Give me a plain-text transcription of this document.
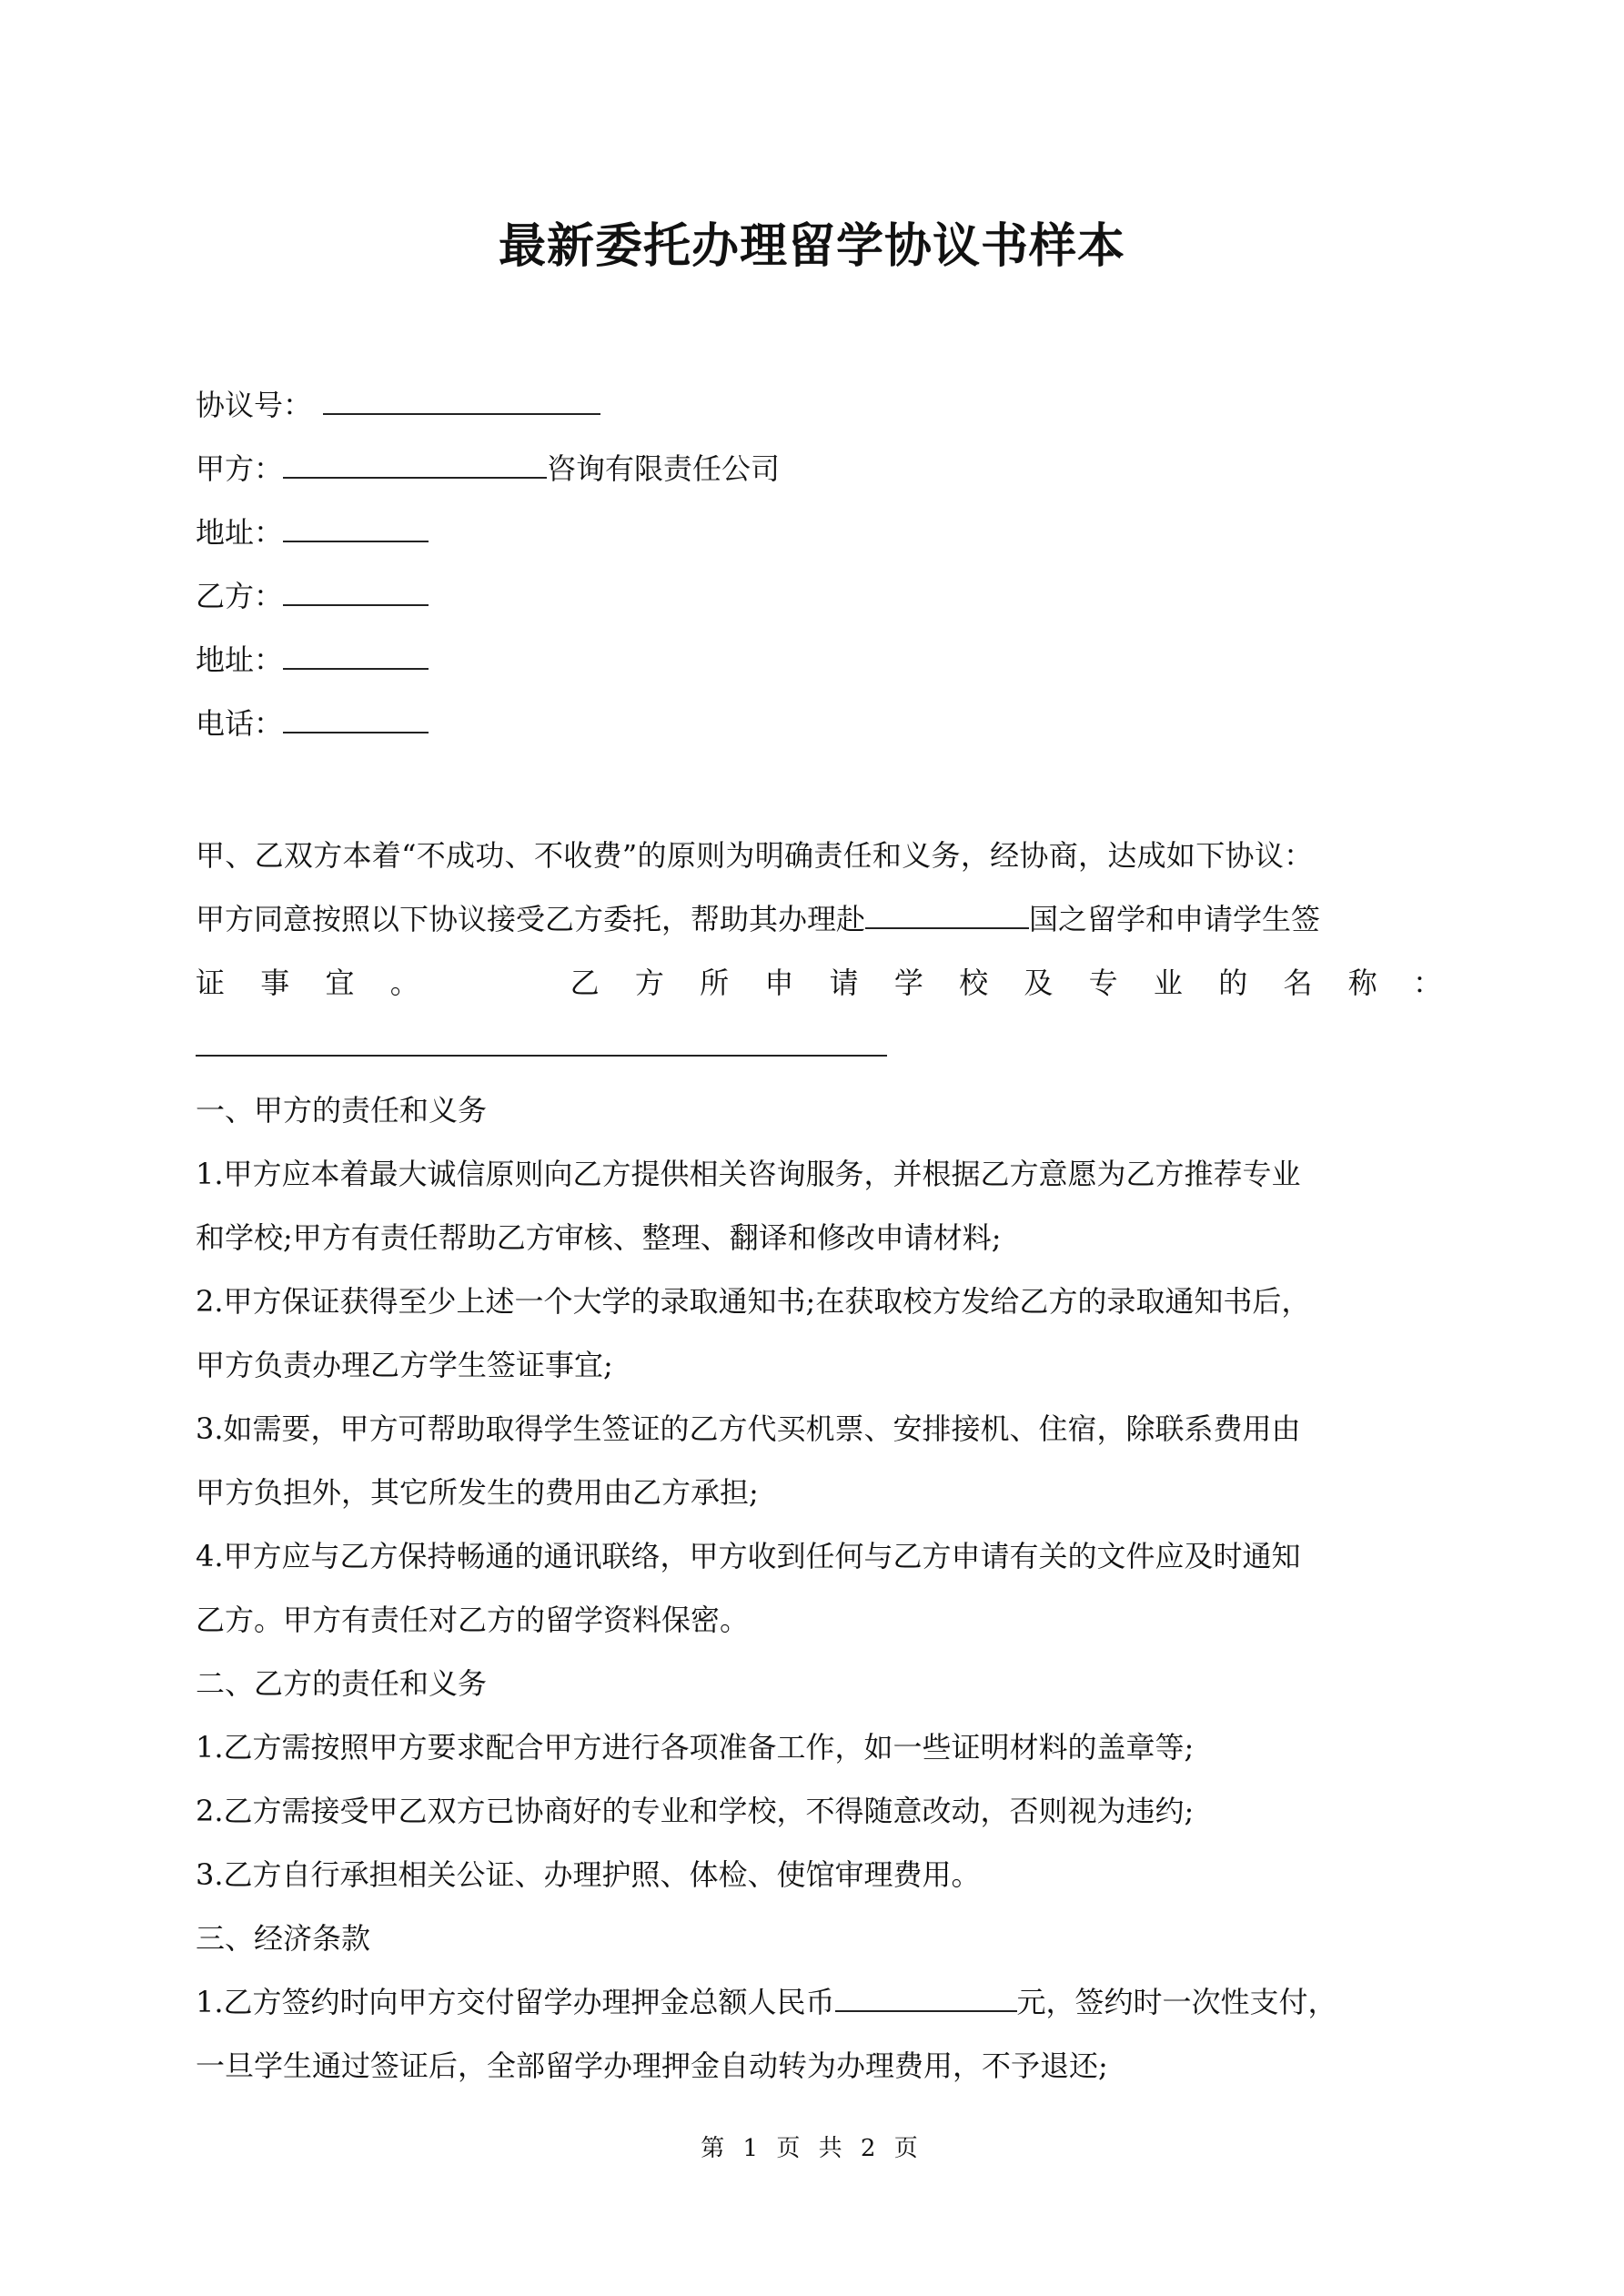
最新委托办理留学协议书样本
协议号：
甲方：	咨询有限责任公司
地址：
乙方：
地址：
电话：
甲、乙双方本着“不成功、不收费”的原则为明确责任和义务，经协商，达成如下协议：
甲方同意按照以下协议接受乙方委托，帮助其办理赴	国之留学和申请学生签
证事宜。　　乙方所申请学校及专业的名称：
一、甲方的责任和义务
1.甲方应本着最大诚信原则向乙方提供相关咨询服务，并根据乙方意愿为乙方推荐专业
和学校;甲方有责任帮助乙方审核、整理、翻译和修改申请材料;
2.甲方保证获得至少上述一个大学的录取通知书;在获取校方发给乙方的录取通知书后，
甲方负责办理乙方学生签证事宜;
3.如需要，甲方可帮助取得学生签证的乙方代买机票、安排接机、住宿，除联系费用由
甲方负担外，其它所发生的费用由乙方承担;
4.甲方应与乙方保持畅通的通讯联络，甲方收到任何与乙方申请有关的文件应及时通知
乙方。甲方有责任对乙方的留学资料保密。
二、乙方的责任和义务
1.乙方需按照甲方要求配合甲方进行各项准备工作，如一些证明材料的盖章等;
2.乙方需接受甲乙双方已协商好的专业和学校，不得随意改动，否则视为违约;
3.乙方自行承担相关公证、办理护照、体检、使馆审理费用。
三、经济条款
1.乙方签约时向甲方交付留学办理押金总额人民币	元，签约时一次性支付，
一旦学生通过签证后，全部留学办理押金自动转为办理费用，不予退还;
第 1 页 共 2 页
